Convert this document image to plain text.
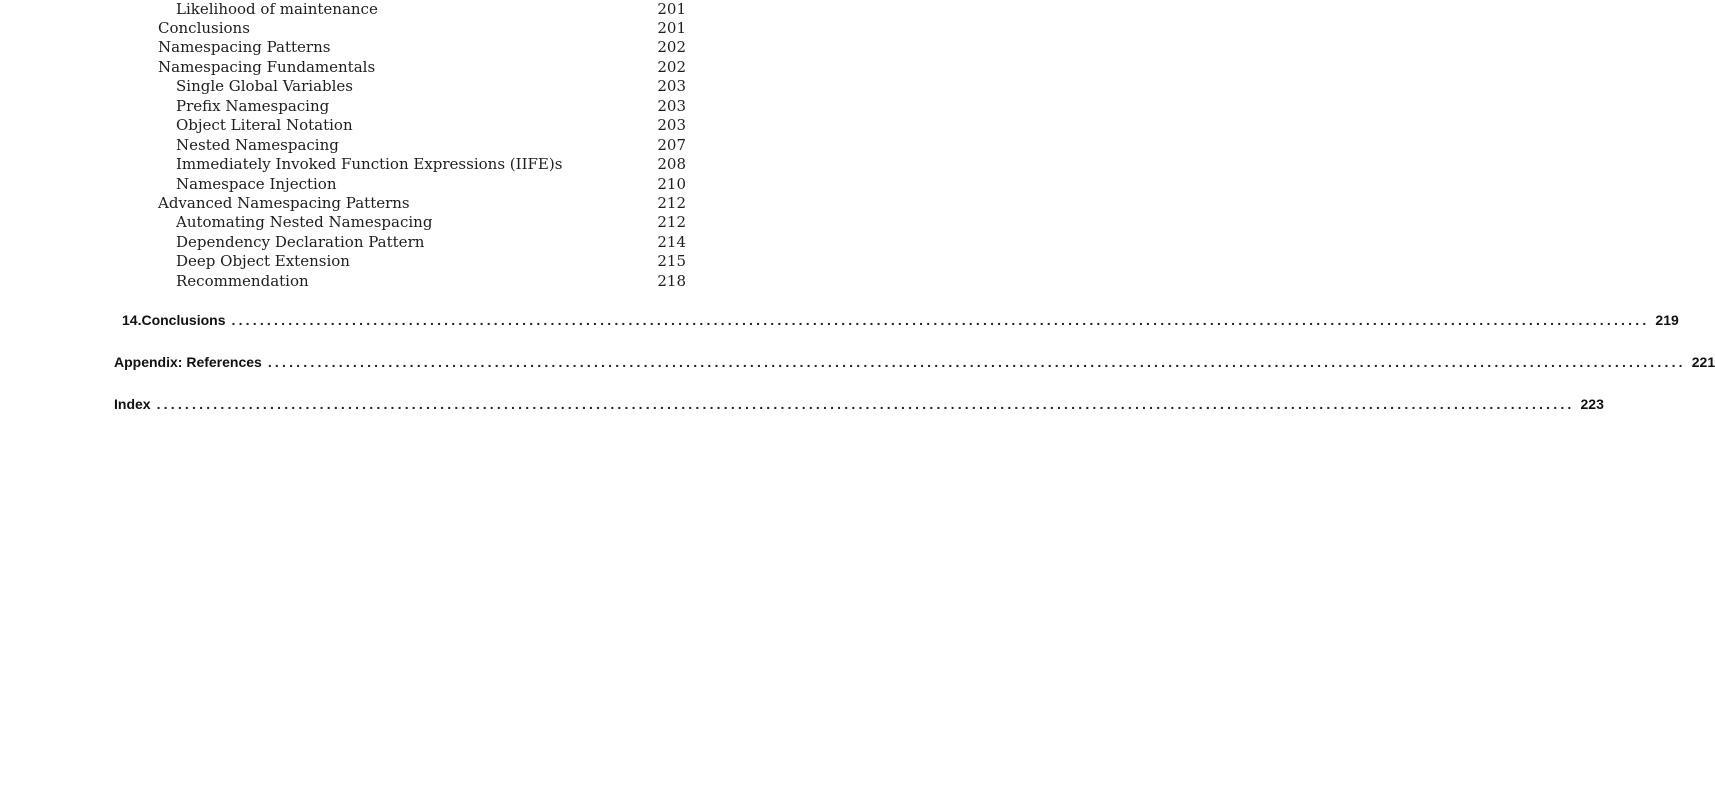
Likelihood of maintenance	201
Conclusions	201
Namespacing Patterns	202
Namespacing Fundamentals	202
Single Global Variables	203
Prefix Namespacing	203
Object Literal Notation	203
Nested Namespacing	207
Immediately Invoked Function Expressions (IIFE)s	208
Namespace Injection	210
Advanced Namespacing Patterns	212
Automating Nested Namespacing	212
Dependency Declaration Pattern	214
Deep Object Extension	215
Recommendation	218
14. Conclusions ........................................................................................................................................................................................................ 219
Appendix: References ........................................................................................................................................................................................................ 221
Index ........................................................................................................................................................................................................ 223
